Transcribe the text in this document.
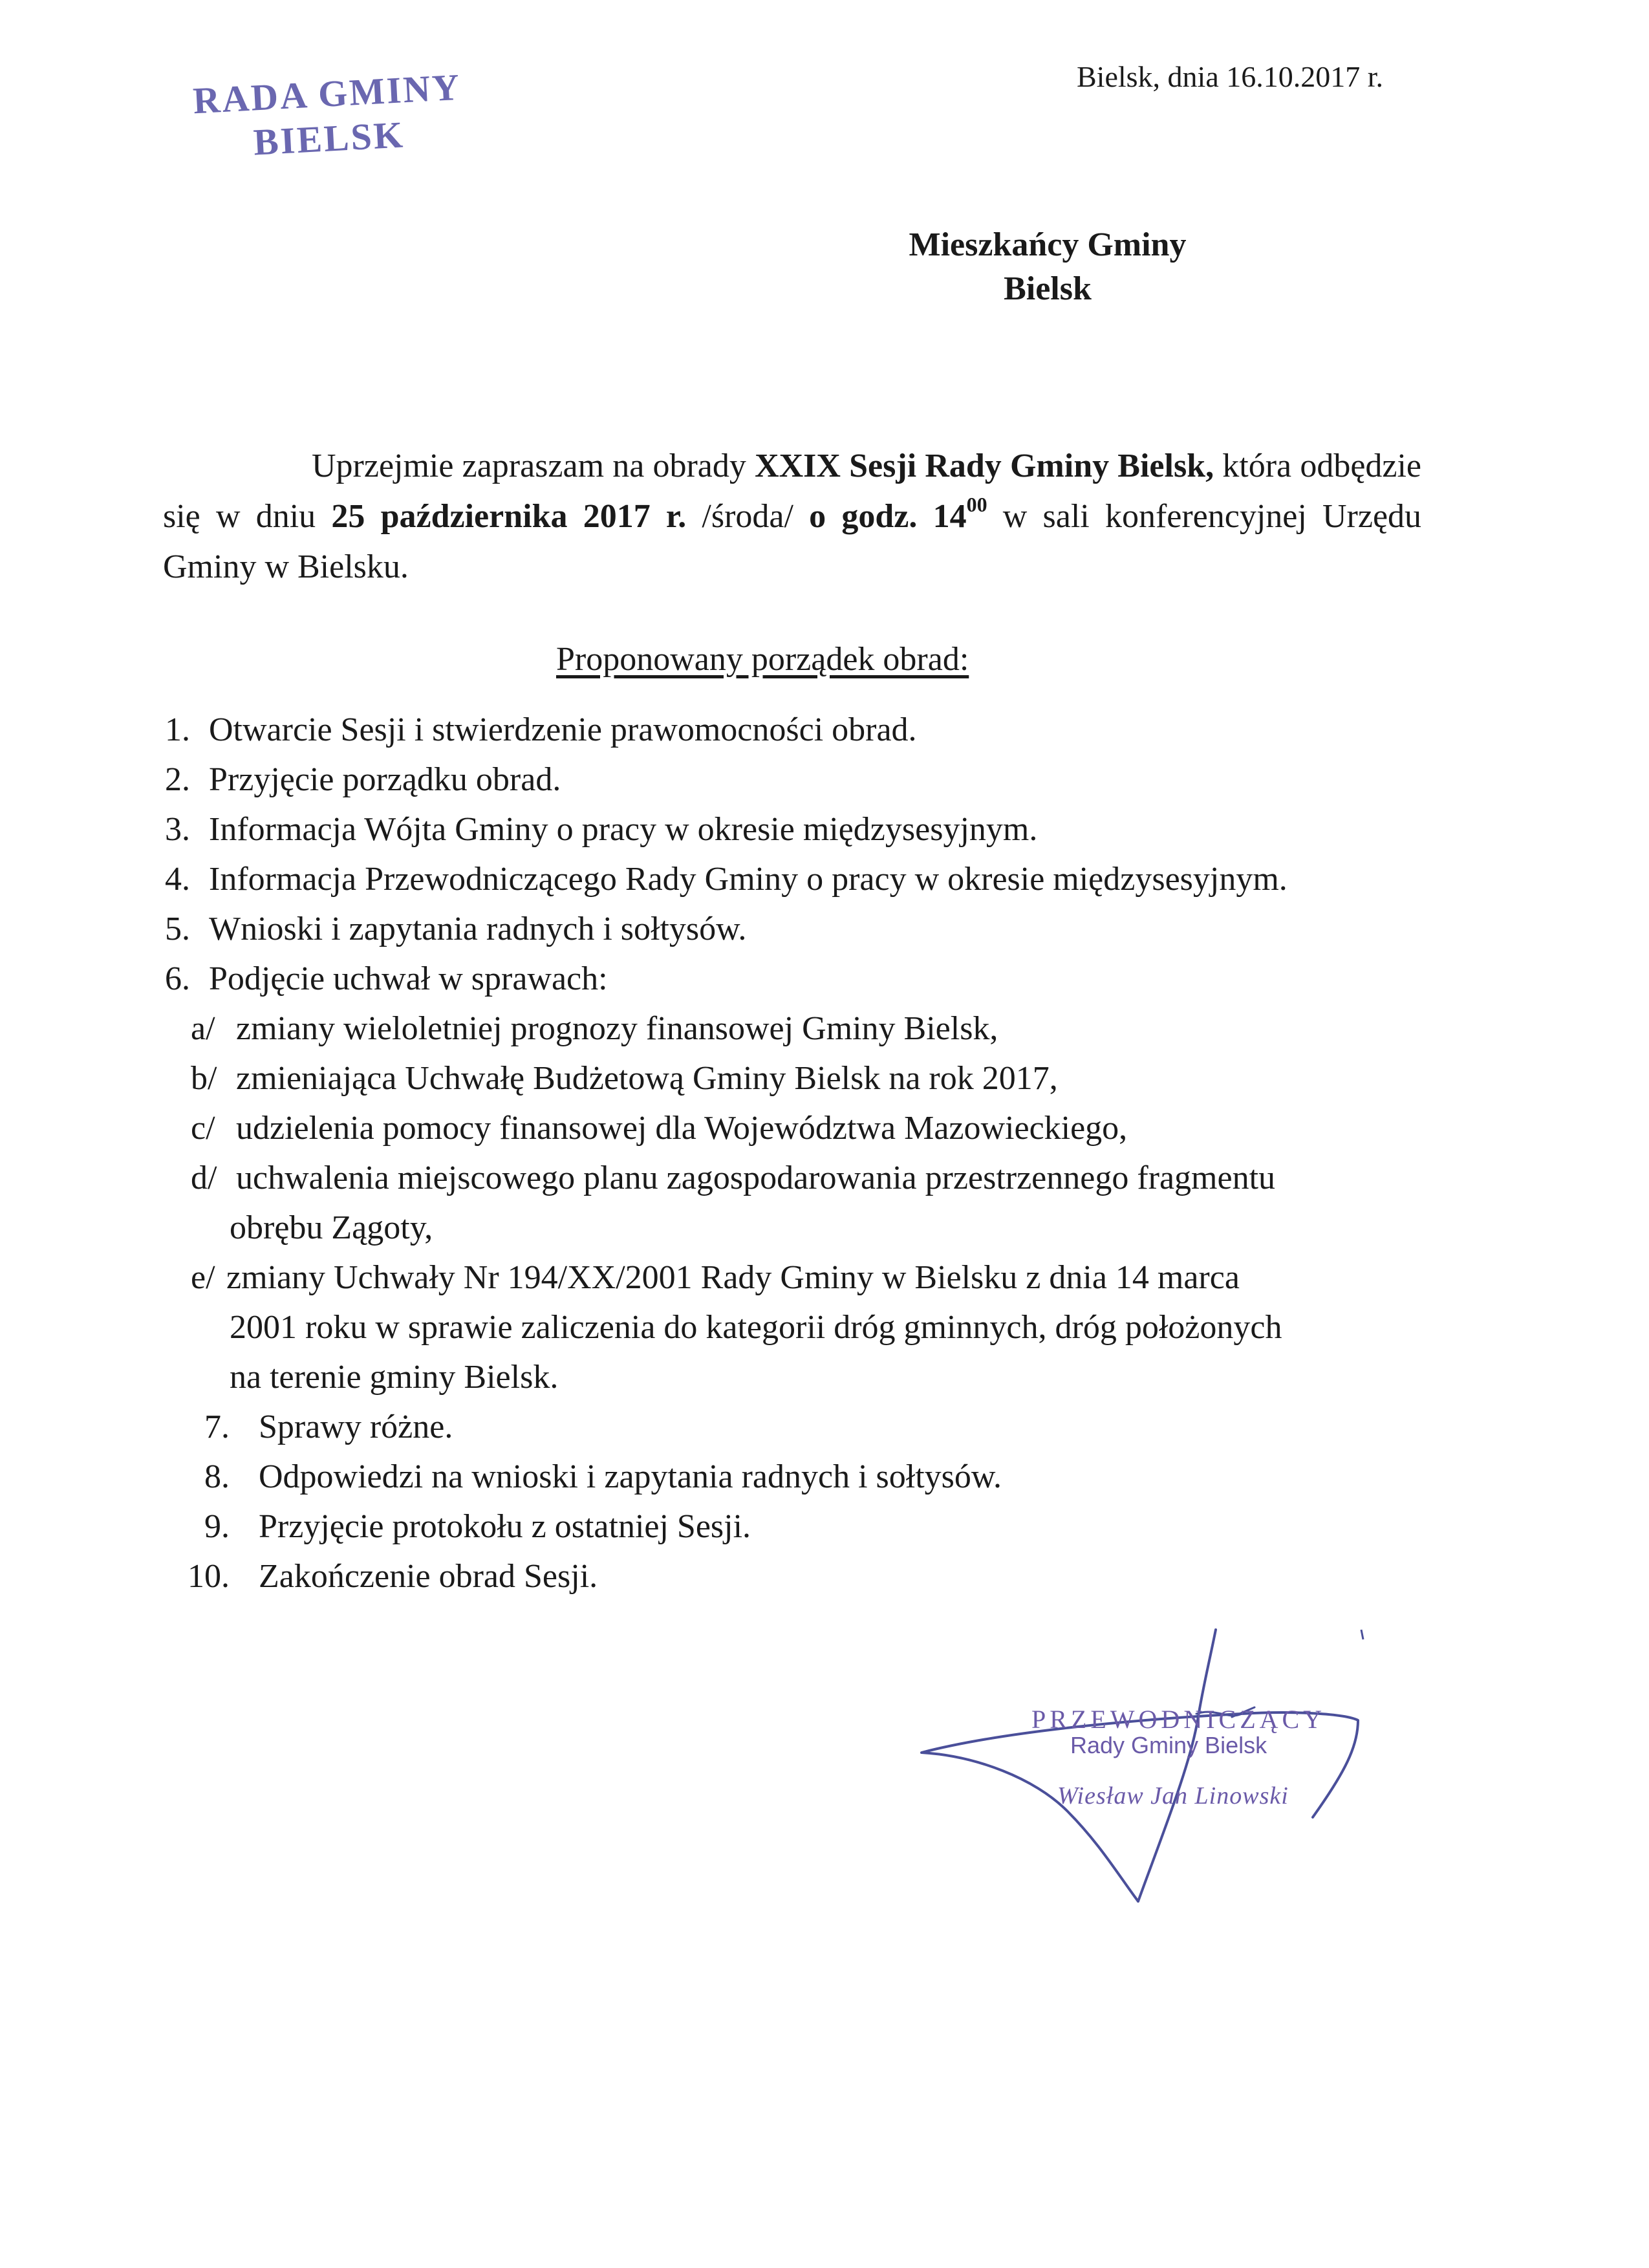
RADA GMINY
BIELSK
Bielsk, dnia 16.10.2017 r.
Mieszkańcy Gminy
Bielsk
Uprzejmie zapraszam na obrady XXIX Sesji Rady Gminy Bielsk, która odbędzie się w dniu 25 października 2017 r. /środa/ o godz. $14^{00}$ w sali konferencyjnej Urzędu Gminy w Bielsku.
Proponowany porządek obrad:
1. Otwarcie Sesji i stwierdzenie prawomocności obrad.
2. Przyjęcie porządku obrad.
3. Informacja Wójta Gminy o pracy w okresie międzysesyjnym.
4. Informacja Przewodniczącego Rady Gminy o pracy w okresie międzysesyjnym.
5. Wnioski i zapytania radnych i sołtysów.
6. Podjęcie uchwał w sprawach:
a/ zmiany wieloletniej prognozy finansowej Gminy Bielsk,
b/ zmieniająca Uchwałę Budżetową Gminy Bielsk na rok 2017,
c/ udzielenia pomocy finansowej dla Województwa Mazowieckiego,
d/ uchwalenia miejscowego planu zagospodarowania przestrzennego fragmentu
obrębu Zągoty,
e/ zmiany Uchwały Nr 194/XX/2001 Rady Gminy w Bielsku z dnia 14 marca
2001 roku w sprawie zaliczenia do kategorii dróg gminnych, dróg położonych
na terenie gminy Bielsk.
7. Sprawy różne.
8. Odpowiedzi na wnioski i zapytania radnych i sołtysów.
9. Przyjęcie protokołu z ostatniej Sesji.
10. Zakończenie obrad Sesji.
PRZEWODNICZĄCY
Rady Gminy Bielsk
Wiesław Jan Linowski
